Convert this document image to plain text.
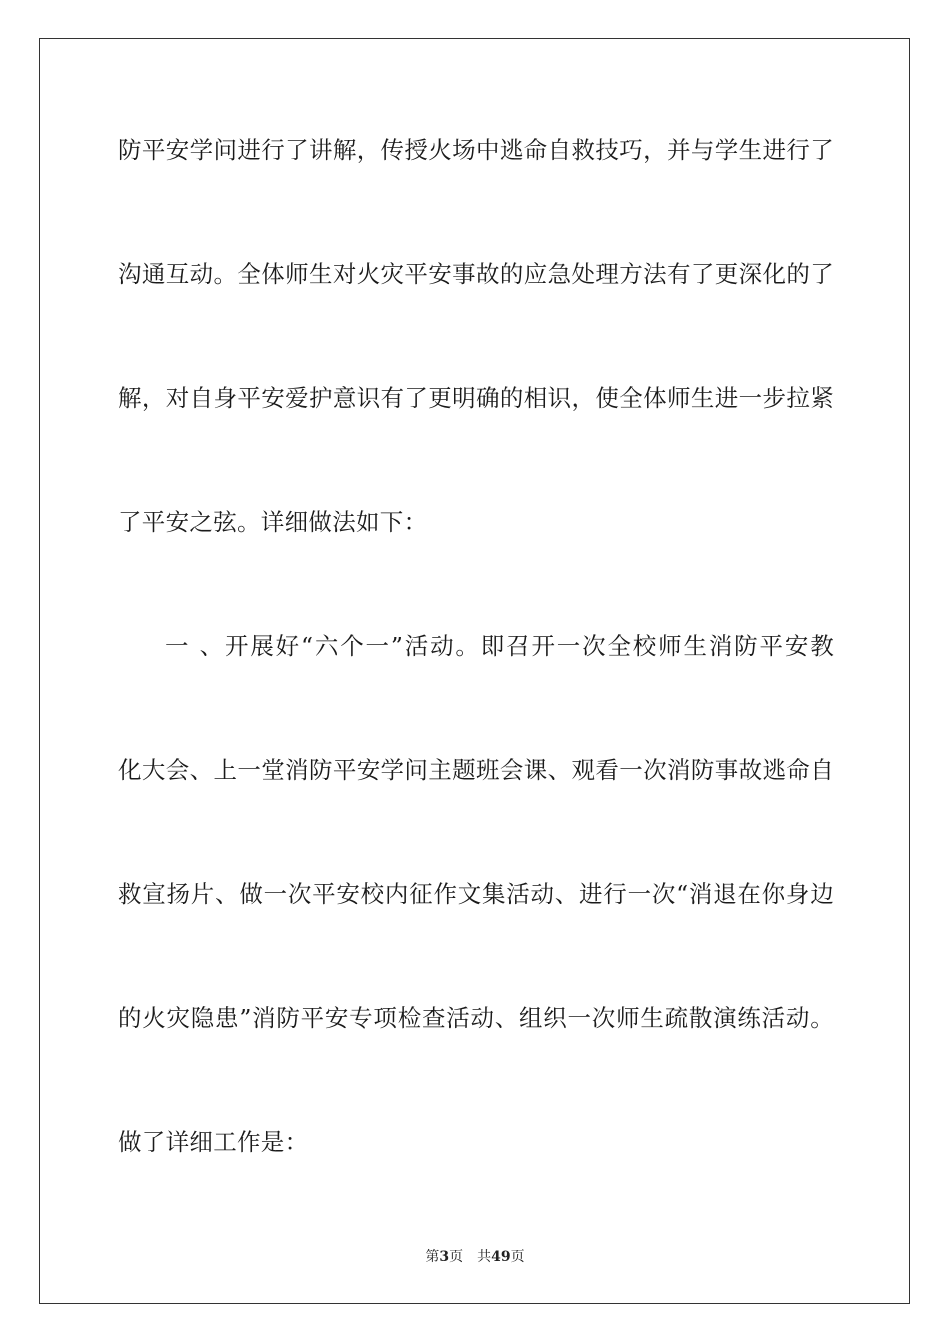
防平安学问进行了讲解，传授火场中逃命自救技巧，并与学生进行了
沟通互动。全体师生对火灾平安事故的应急处理方法有了更深化的了
解，对自身平安爱护意识有了更明确的相识，使全体师生进一步拉紧
了平安之弦。详细做法如下：
一 、开展好“六个一”活动。即召开一次全校师生消防平安教
化大会、上一堂消防平安学问主题班会课、观看一次消防事故逃命自
救宣扬片、做一次平安校内征作文集活动、进行一次“消退在你身边
的火灾隐患”消防平安专项检查活动、组织一次师生疏散演练活动。
做了详细工作是：
第3页 共49页
